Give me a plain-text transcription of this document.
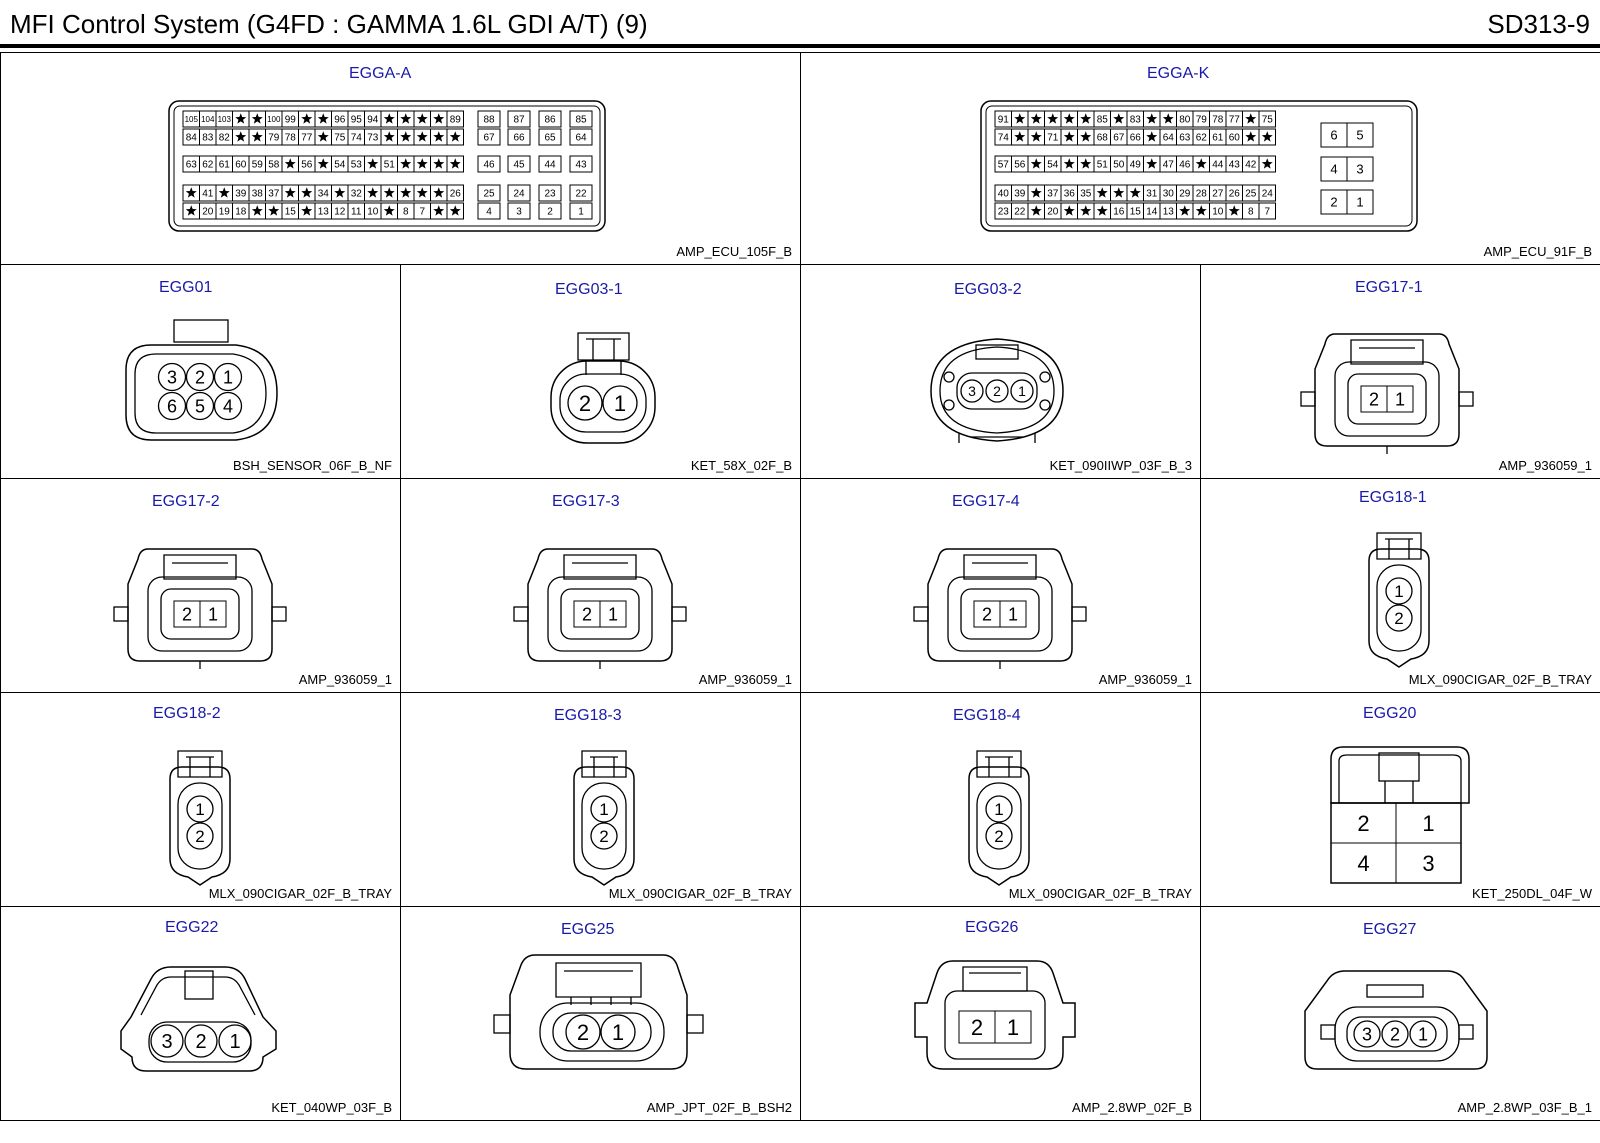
MFI Control System (G4FD : GAMMA 1.6L GDI A/T) (9)	SD313-9
105 104 103	100 99	96 95 94	89
84 83 82	79 78 77 75 74 73
63 62 61 60 59 58 56 54 53 51
41 39 38 37	34 32	26
20 19 18	15 13 12 11 10 8 7
88 87 86 85
67 66 65 64
46 45 44 43
25 24 23 22
4 3	2	1
EGGA-A
AMP_ECU_105F_B
91	85 83	80 79 78 77 75
74	71	68 67 66 64 63 62 61 60
57 56 54	51 50 49 47 46 44 43 42
40 39 37 36 35	31 30 29 28 27 26 25 24
23 22 20	16 15 14 13	10 8 7
6 5
4 3
2 1
EGGA-K
AMP_ECU_91F_B
3 2 1
6 5 4
EGG01
BSH_SENSOR_06F_B_NF
2 1
EGG03-1
KET_58X_02F_B
3 2 1
EGG03-2
KET_090IIWP_03F_B_3
2 1
EGG17-1
AMP_936059_1
2 1
EGG17-2
AMP_936059_1
2 1
EGG17-3
AMP_936059_1
2 1
EGG17-4
AMP_936059_1
1
2
EGG18-1
MLX_090CIGAR_02F_B_TRAY
1
2
EGG18-2
MLX_090CIGAR_02F_B_TRAY
1
2
EGG18-3
MLX_090CIGAR_02F_B_TRAY
1
2
EGG18-4
MLX_090CIGAR_02F_B_TRAY
2 1
4 3
EGG20
KET_250DL_04F_W
3 2 1
EGG22
KET_040WP_03F_B
2 1
EGG25
AMP_JPT_02F_B_BSH2
2 1
EGG26
AMP_2.8WP_02F_B
3 2 1
EGG27
AMP_2.8WP_03F_B_1
